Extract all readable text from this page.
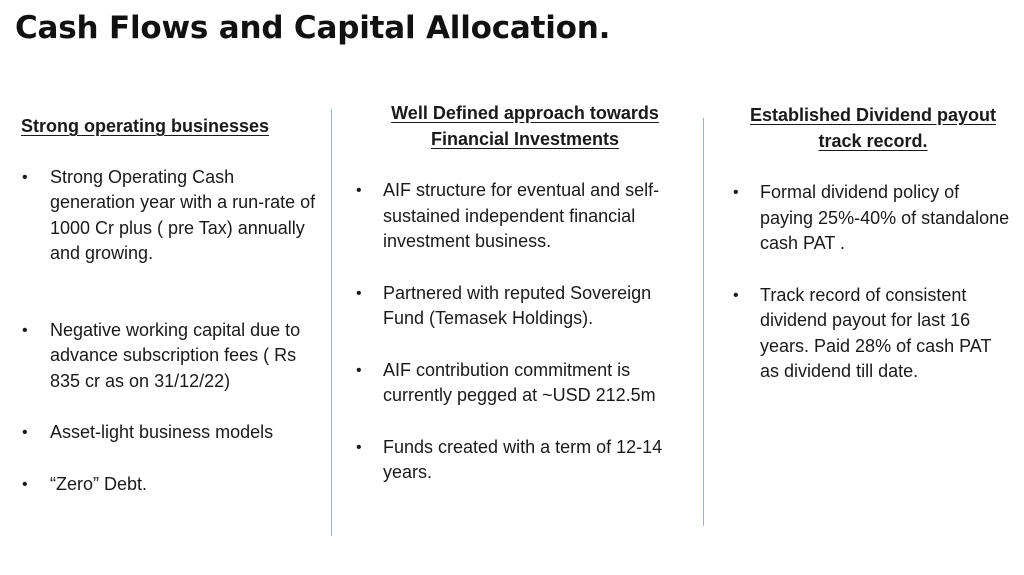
Cash Flows and Capital Allocation.

Strong operating businesses

• Strong Operating Cash generation year with a run-rate of 1000 Cr plus ( pre Tax) annually and growing.
• Negative working capital due to advance subscription fees ( Rs 835 cr as on 31/12/22)
• Asset-light business models
• “Zero” Debt.

Well Defined approach towards Financial Investments

• AIF structure for eventual and self-sustained independent financial investment business.
• Partnered with reputed Sovereign Fund (Temasek Holdings).
• AIF contribution commitment is currently pegged at ~USD 212.5m
• Funds created with a term of 12-14 years.

Established Dividend payout track record.

• Formal dividend policy of paying 25%-40% of standalone cash PAT .
• Track record of consistent dividend payout for last 16 years. Paid 28% of cash PAT as dividend till date.
